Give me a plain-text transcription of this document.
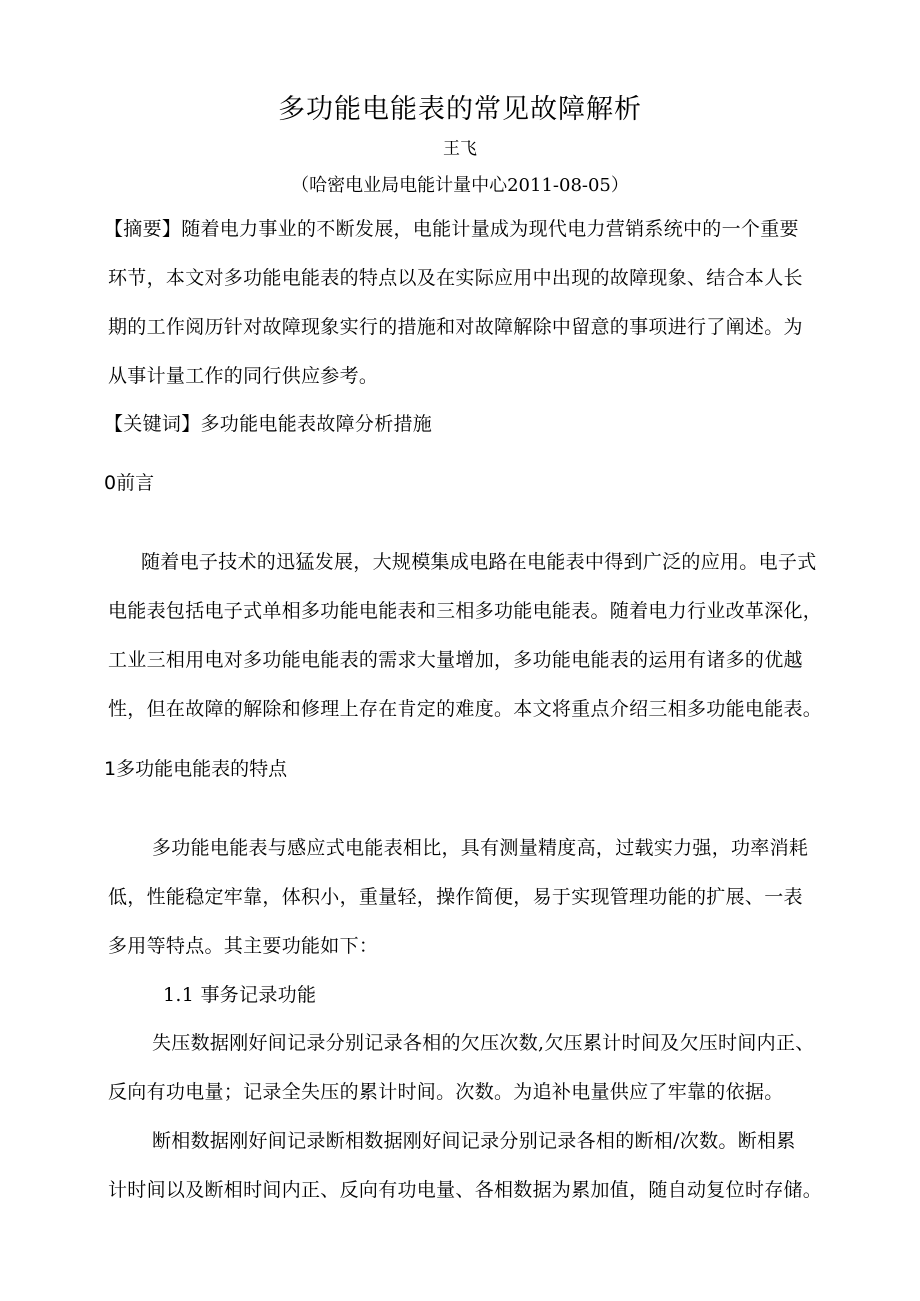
多功能电能表的常见故障解析
王飞
（哈密电业局电能计量中心2011-08-05）
【摘要】随着电力事业的不断发展，电能计量成为现代电力营销系统中的一个重要
环节，本文对多功能电能表的特点以及在实际应用中出现的故障现象、结合本人长
期的工作阅历针对故障现象实行的措施和对故障解除中留意的事项进行了阐述。为
从事计量工作的同行供应参考。
【关键词】多功能电能表故障分析措施
0前言
随着电子技术的迅猛发展，大规模集成电路在电能表中得到广泛的应用。电子式
电能表包括电子式单相多功能电能表和三相多功能电能表。随着电力行业改革深化，
工业三相用电对多功能电能表的需求大量增加，多功能电能表的运用有诸多的优越
性，但在故障的解除和修理上存在肯定的难度。本文将重点介绍三相多功能电能表。
1多功能电能表的特点
多功能电能表与感应式电能表相比，具有测量精度高，过载实力强，功率消耗
低，性能稳定牢靠，体积小，重量轻，操作简便，易于实现管理功能的扩展、一表
多用等特点。其主要功能如下：
1.1 事务记录功能
失压数据刚好间记录分别记录各相的欠压次数,欠压累计时间及欠压时间内正、
反向有功电量；记录全失压的累计时间。次数。为追补电量供应了牢靠的依据。
断相数据刚好间记录断相数据刚好间记录分别记录各相的断相/次数。断相累
计时间以及断相时间内正、反向有功电量、各相数据为累加值，随自动复位时存储。
